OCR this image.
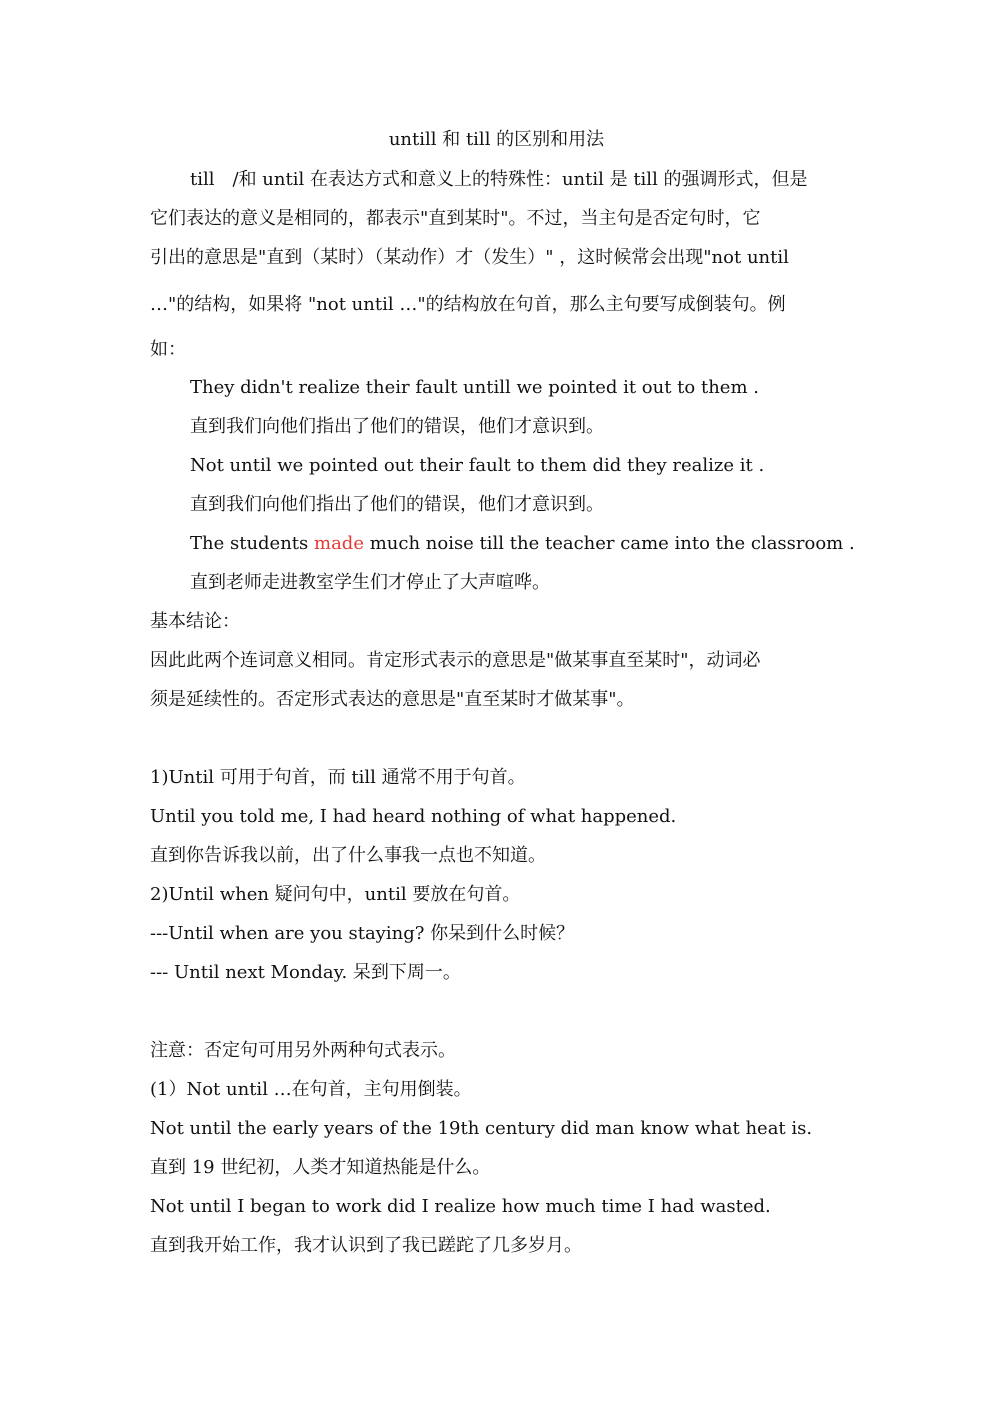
untill 和 till 的区别和用法
till　/和 until 在表达方式和意义上的特殊性：until 是 till 的强调形式，但是
它们表达的意义是相同的，都表示"直到某时"。不过，当主句是否定句时，它
引出的意思是"直到（某时）（某动作）才（发生）" ，这时候常会出现"not until
…"的结构，如果将 "not until …"的结构放在句首，那么主句要写成倒装句。例
如：
They didn't realize their fault untill we pointed it out to them .
直到我们向他们指出了他们的错误，他们才意识到。
Not until we pointed out their fault to them did they realize it .
直到我们向他们指出了他们的错误，他们才意识到。
The students made much noise till the teacher came into the classroom .
直到老师走进教室学生们才停止了大声喧哗。
基本结论：
因此此两个连词意义相同。肯定形式表示的意思是"做某事直至某时"，动词必
须是延续性的。否定形式表达的意思是"直至某时才做某事"。
1)Until 可用于句首，而 till 通常不用于句首。
Until you told me, I had heard nothing of what happened.
直到你告诉我以前，出了什么事我一点也不知道。
2)Until when 疑问句中，until 要放在句首。
---Until when are you staying? 你呆到什么时候？
--- Until next Monday. 呆到下周一。
注意：否定句可用另外两种句式表示。
(1）Not until …在句首，主句用倒装。
Not until the early years of the 19th century did man know what heat is.
直到 19 世纪初，人类才知道热能是什么。
Not until I began to work did I realize how much time I had wasted.
直到我开始工作，我才认识到了我已蹉跎了几多岁月。
